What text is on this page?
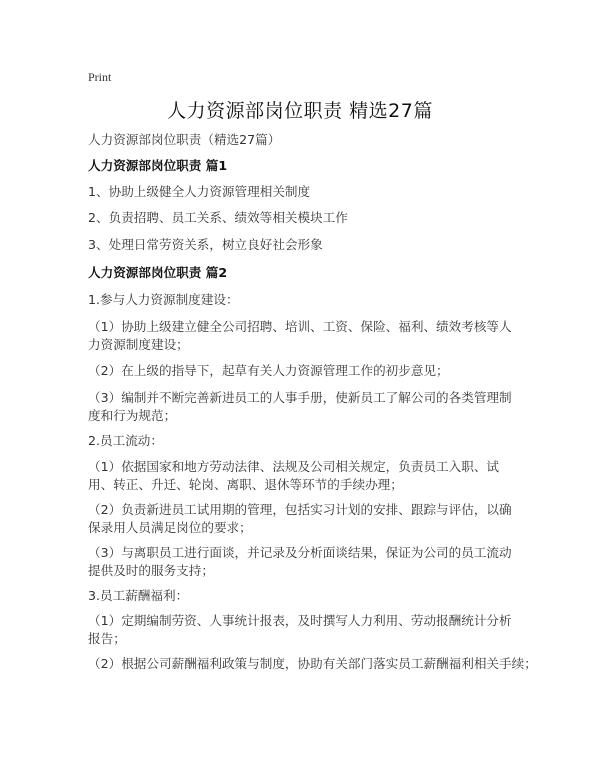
Print
人力资源部岗位职责 精选27篇
人力资源部岗位职责（精选27篇）
人力资源部岗位职责 篇1
1、协助上级健全人力资源管理相关制度
2、负责招聘、员工关系、绩效等相关模块工作
3、处理日常劳资关系，树立良好社会形象
人力资源部岗位职责 篇2
1.参与人力资源制度建设：
（1）协助上级建立健全公司招聘、培训、工资、保险、福利、绩效考核等人力资源制度建设；
（2）在上级的指导下，起草有关人力资源管理工作的初步意见；
（3）编制并不断完善新进员工的人事手册，使新员工了解公司的各类管理制度和行为规范；
2.员工流动：
（1）依据国家和地方劳动法律、法规及公司相关规定，负责员工入职、试用、转正、升迁、轮岗、离职、退休等环节的手续办理；
（2）负责新进员工试用期的管理，包括实习计划的安排、跟踪与评估，以确保录用人员满足岗位的要求；
（3）与离职员工进行面谈，并记录及分析面谈结果，保证为公司的员工流动提供及时的服务支持；
3.员工薪酬福利：
（1）定期编制劳资、人事统计报表，及时撰写人力利用、劳动报酬统计分析报告；
（2）根据公司薪酬福利政策与制度，协助有关部门落实员工薪酬福利相关手续；
